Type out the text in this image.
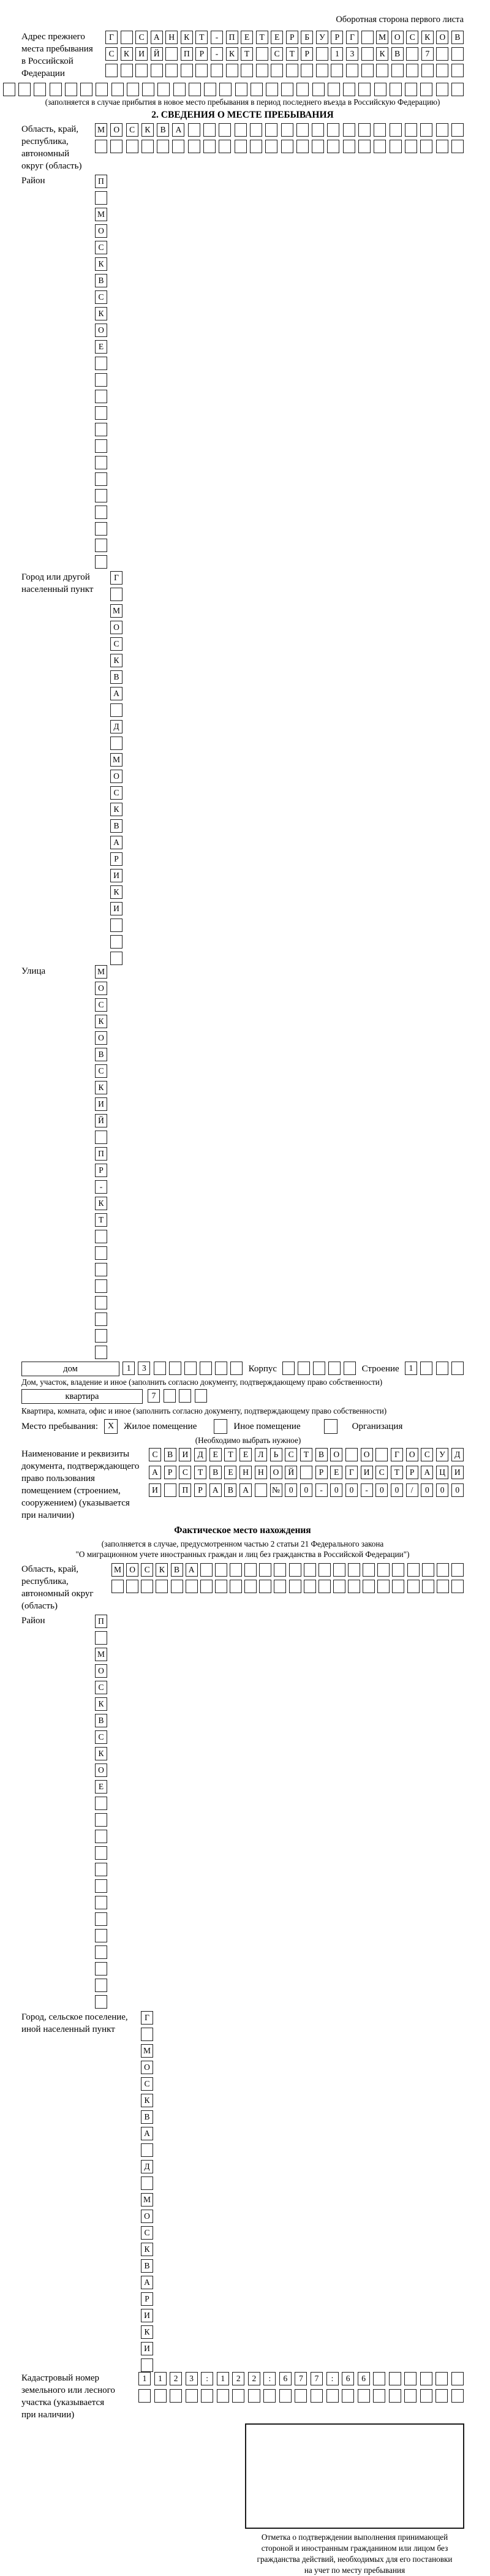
Оборотная сторона первого листа
Адрес прежнего
места пребывания
в Российской
Федерации
Г	С	А	Н	К	Т	-	П	Е	Т	Е	Р	Б	У	Р	Г	М	О	С	К	О	В
С	К	И	Й	П	Р	-	К	Т	С	Т	Р	1	3	К	В	7
(заполняется в случае прибытия в новое место пребывания в период последнего въезда в Российскую Федерацию)
2. СВЕДЕНИЯ О МЕСТЕ ПРЕБЫВАНИЯ
Область, край,
республика,
автономный
округ (область)
М	О	С	К	В	А
Район	П
М
О
С
К
В
С
К
О
Е
Город или другой
населенный пункт
Г
М
О
С
К
В
А
Д
М
О
С
К
В
А
Р
И
К
И
Улица	М
О
С
К
О
В
С
К
И
Й
П
Р
-
К
Т
дом	1	3	Корпус	Строение	1
Дом, участок, владение и иное (заполнить согласно документу, подтверждающему право собственности)
квартира	7
Квартира, комната, офис и иное (заполнить согласно документу, подтверждающему право собственности)
Место пребывания:	X	Жилое помещение	Иное помещение	Организация
(Необходимо выбрать нужное)
Наименование и реквизиты
документа, подтверждающего
право пользования
помещением (строением,
сооружением) (указывается
при наличии)
С	В	И	Д	Е	Т	Е	Л	Ь	С	Т	В	О	О	Г	О	С	У	Д
А	Р	С	Т	В	Е	Н	Н	О	Й	Р	Е	Г	И	С	Т	Р	А	Ц	И
И	П	Р	А	В	А	№	0	0	-	0	0	-	0	0	/	0	0	0
Фактическое место нахождения
(заполняется в случае, предусмотренном частью 2 статьи 21 Федерального закона
"О миграционном учете иностранных граждан и лиц без гражданства в Российской Федерации")
Область, край,
республика,
автономный округ
(область)
М О	С	К	В	А
Район	П
М
О
С
К
В
С
К
О
Е
Город, сельское поселение,
иной населенный пункт
Г
М
О
С
К
В
А
Д
М
О
С
К
В
А
Р
И
К
И
Кадастровый номер
земельного или лесного
участка (указывается
при наличии)
1	1	2	3	:	1	2	2	:	6	7	7	:	6	6
Отметка о подтверждении выполнения принимающей
стороной и иностранным гражданином или лицом без
гражданства действий, необходимых для его постановки
на учет по месту пребывания
